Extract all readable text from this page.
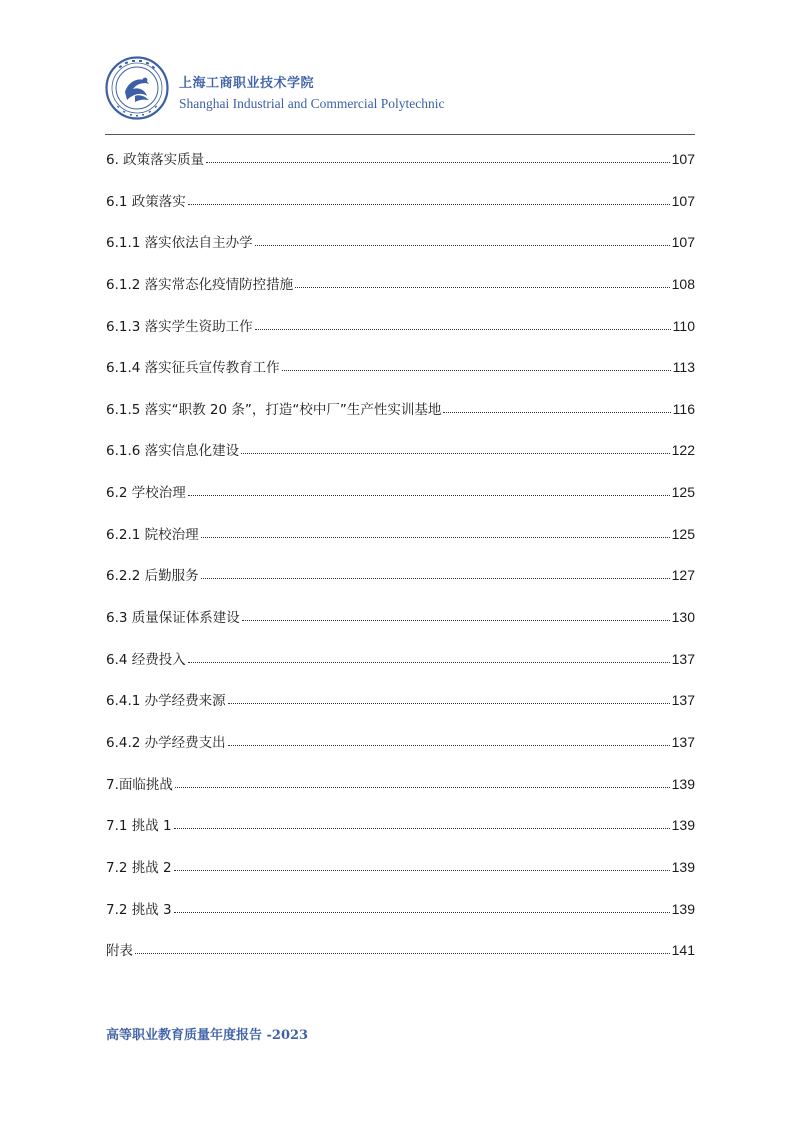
上海工商职业技术学院
Shanghai Industrial and Commercial Polytechnic
6. 政策落实质量	107
6.1 政策落实	107
6.1.1 落实依法自主办学	107
6.1.2 落实常态化疫情防控措施	108
6.1.3 落实学生资助工作	110
6.1.4 落实征兵宣传教育工作	113
6.1.5 落实“职教 20 条”，打造“校中厂”生产性实训基地	116
6.1.6 落实信息化建设	122
6.2 学校治理	125
6.2.1 院校治理	125
6.2.2 后勤服务	127
6.3 质量保证体系建设	130
6.4 经费投入	137
6.4.1 办学经费来源	137
6.4.2 办学经费支出	137
7.面临挑战	139
7.1 挑战 1	139
7.2 挑战 2	139
7.2 挑战 3	139
附表	141
高等职业教育质量年度报告 -2023
